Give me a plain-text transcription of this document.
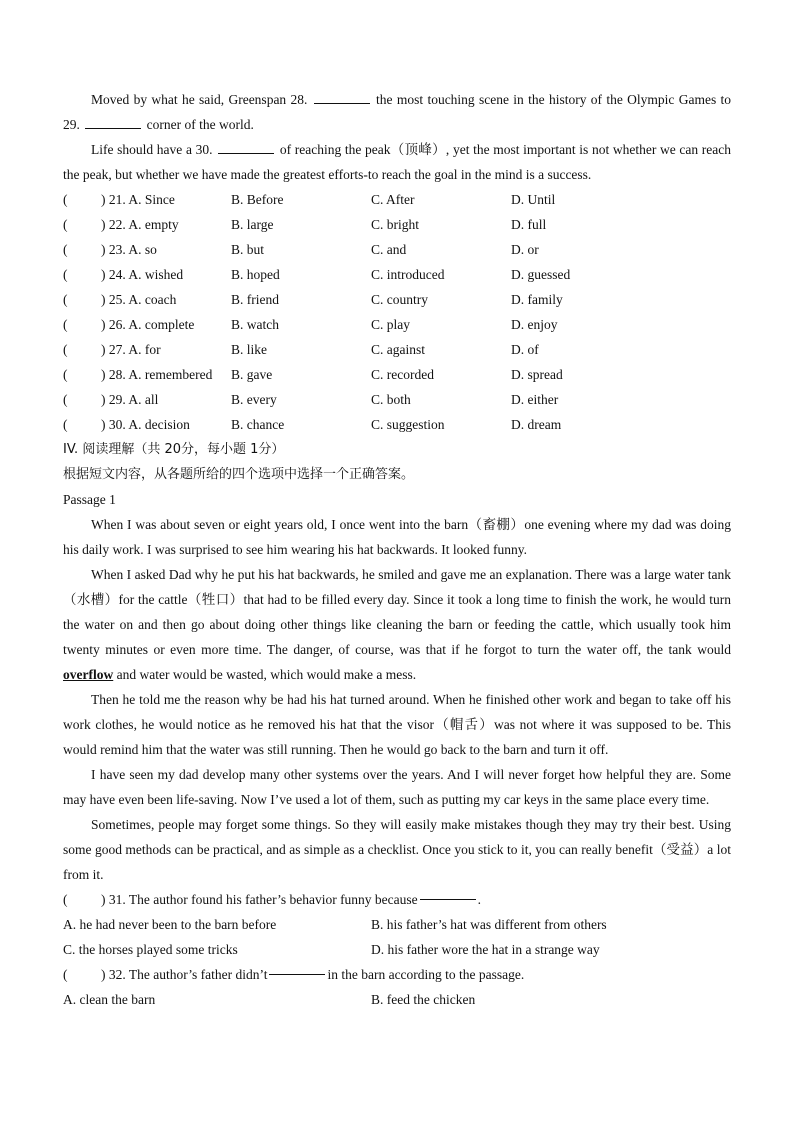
Moved by what he said, Greenspan 28.	the most touching scene in the history of the Olympic Games to 29.	corner of the world.

Life should have a 30.	of reaching the peak（顶峰）, yet the most important is not whether we can reach the peak, but whether we have made the greatest efforts-to reach the goal in the mind is a success.

(	) 21. A. Since	B. Before	C. After	D. Until
(	) 22. A. empty	B. large	C. bright	D. full
(	) 23. A. so	B. but	C. and	D. or
(	) 24. A. wished	B. hoped	C. introduced	D. guessed
(	) 25. A. coach	B. friend	C. country	D. family
(	) 26. A. complete	B. watch	C. play	D. enjoy
(	) 27. A. for	B. like	C. against	D. of
(	) 28. A. remembered	B. gave	C. recorded	D. spread
(	) 29. A. all	B. every	C. both	D. either
(	) 30. A. decision	B. chance	C. suggestion	D. dream

IV. 阅读理解（共 20分，每小题 1分）

根据短文内容，从各题所给的四个选项中选择一个正确答案。

Passage 1

When I was about seven or eight years old, I once went into the barn（畜棚）one evening where my dad was doing his daily work. I was surprised to see him wearing his hat backwards. It looked funny.

When I asked Dad why he put his hat backwards, he smiled and gave me an explanation. There was a large water tank（水槽）for the cattle（牲口）that had to be filled every day. Since it took a long time to finish the work, he would turn the water on and then go about doing other things like cleaning the barn or feeding the cattle, which usually took him twenty minutes or even more time. The danger, of course, was that if he forgot to turn the water off, the tank would overflow and water would be wasted, which would make a mess.

Then he told me the reason why be had his hat turned around. When he finished other work and began to take off his work clothes, he would notice as he removed his hat that the visor（帽舌）was not where it was supposed to be. This would remind him that the water was still running. Then he would go back to the barn and turn it off.

I have seen my dad develop many other systems over the years. And I will never forget how helpful they are. Some may have even been life-saving. Now I’ve used a lot of them, such as putting my car keys in the same place every time.

Sometimes, people may forget some things. So they will easily make mistakes though they may try their best. Using some good methods can be practical, and as simple as a checklist. Once you stick to it, you can really benefit（受益）a lot from it.

(	) 31. The author found his father’s behavior funny because	.
A. he had never been to the barn before	B. his father’s hat was different from others
C. the horses played some tricks	D. his father wore the hat in a strange way
(	) 32. The author’s father didn’t	in the barn according to the passage.
A. clean the barn	B. feed the chicken
